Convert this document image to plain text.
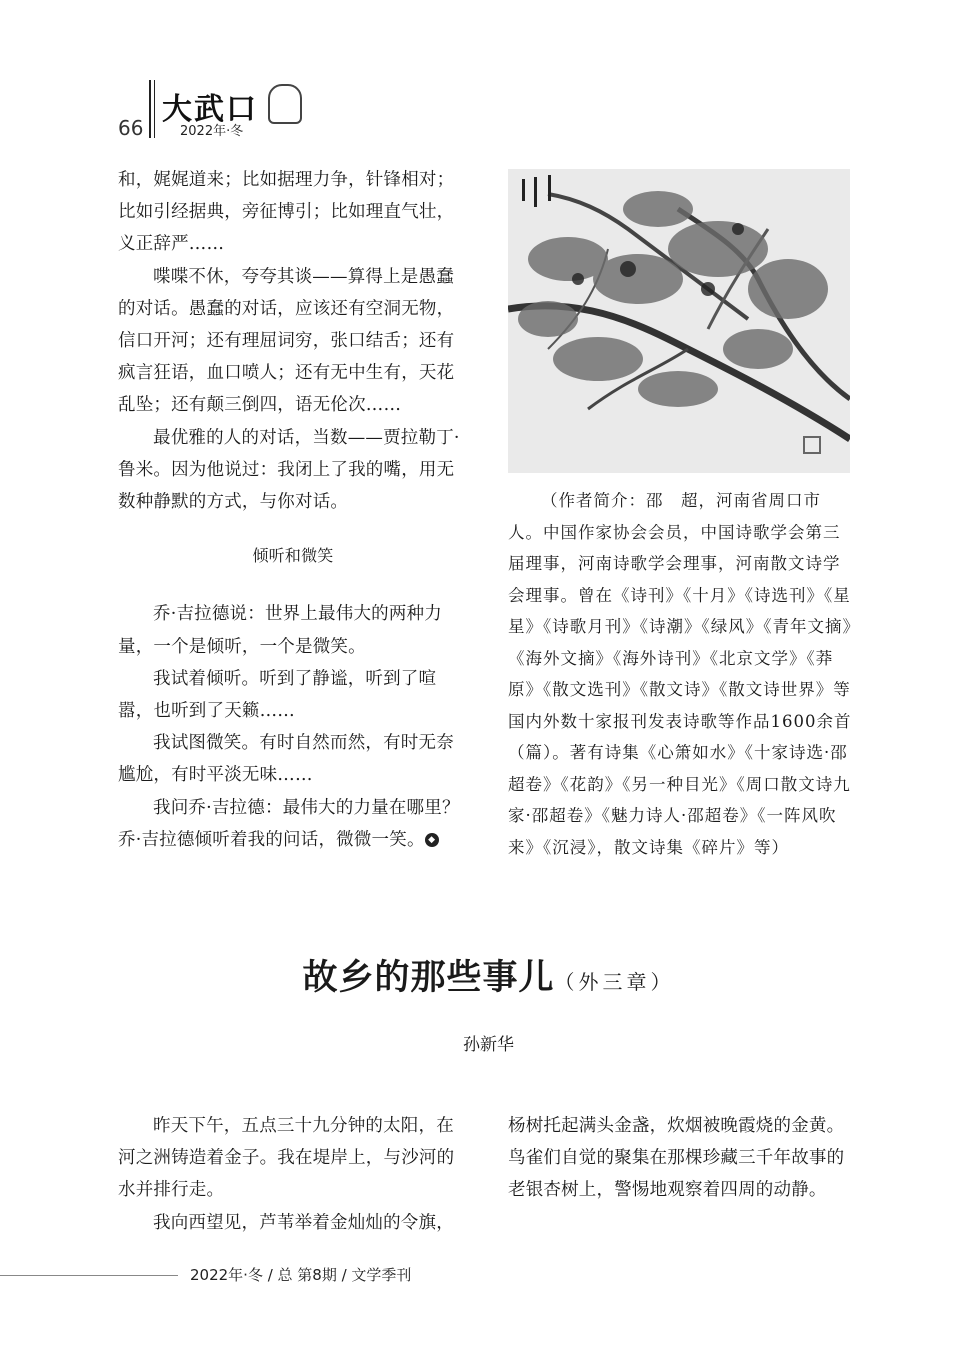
66
大武口
2022年·冬

和，娓娓道来；比如据理力争，针锋相对；比如引经据典，旁征博引；比如理直气壮，义正辞严……

喋喋不休，夸夸其谈——算得上是愚蠢的对话。愚蠢的对话，应该还有空洞无物，信口开河；还有理屈词穷，张口结舌；还有疯言狂语，血口喷人；还有无中生有，天花乱坠；还有颠三倒四，语无伦次……

最优雅的人的对话，当数——贾拉勒丁·鲁米。因为他说过：我闭上了我的嘴，用无数种静默的方式，与你对话。

倾听和微笑

乔·吉拉德说：世界上最伟大的两种力量，一个是倾听，一个是微笑。

我试着倾听。听到了静谧，听到了喧嚣，也听到了天籁……

我试图微笑。有时自然而然，有时无奈尴尬，有时平淡无味……

我问乔·吉拉德：最伟大的力量在哪里？乔·吉拉德倾听着我的问话，微微一笑。 ◆

（作者简介：邵　超，河南省周口市人。中国作家协会会员，中国诗歌学会第三届理事，河南诗歌学会理事，河南散文诗学会理事。曾在《诗刊》《十月》《诗选刊》《星星》《诗歌月刊》《诗潮》《绿风》《青年文摘》《海外文摘》《海外诗刊》《北京文学》《莽原》《散文选刊》《散文诗》《散文诗世界》等国内外数十家报刊发表诗歌等作品1600余首（篇）。著有诗集《心箫如水》《十家诗选·邵超卷》《花韵》《另一种目光》《周口散文诗九家·邵超卷》《魅力诗人·邵超卷》《一阵风吹来》《沉浸》，散文诗集《碎片》等）

故乡的那些事儿（外三章）
孙新华

昨天下午，五点三十九分钟的太阳，在河之洲铸造着金子。我在堤岸上，与沙河的水并排行走。

我向西望见，芦苇举着金灿灿的令旗，

杨树托起满头金盏，炊烟被晚霞烧的金黄。鸟雀们自觉的聚集在那棵珍藏三千年故事的老银杏树上，警惕地观察着四周的动静。

2022年·冬 / 总 第8期 / 文学季刊
